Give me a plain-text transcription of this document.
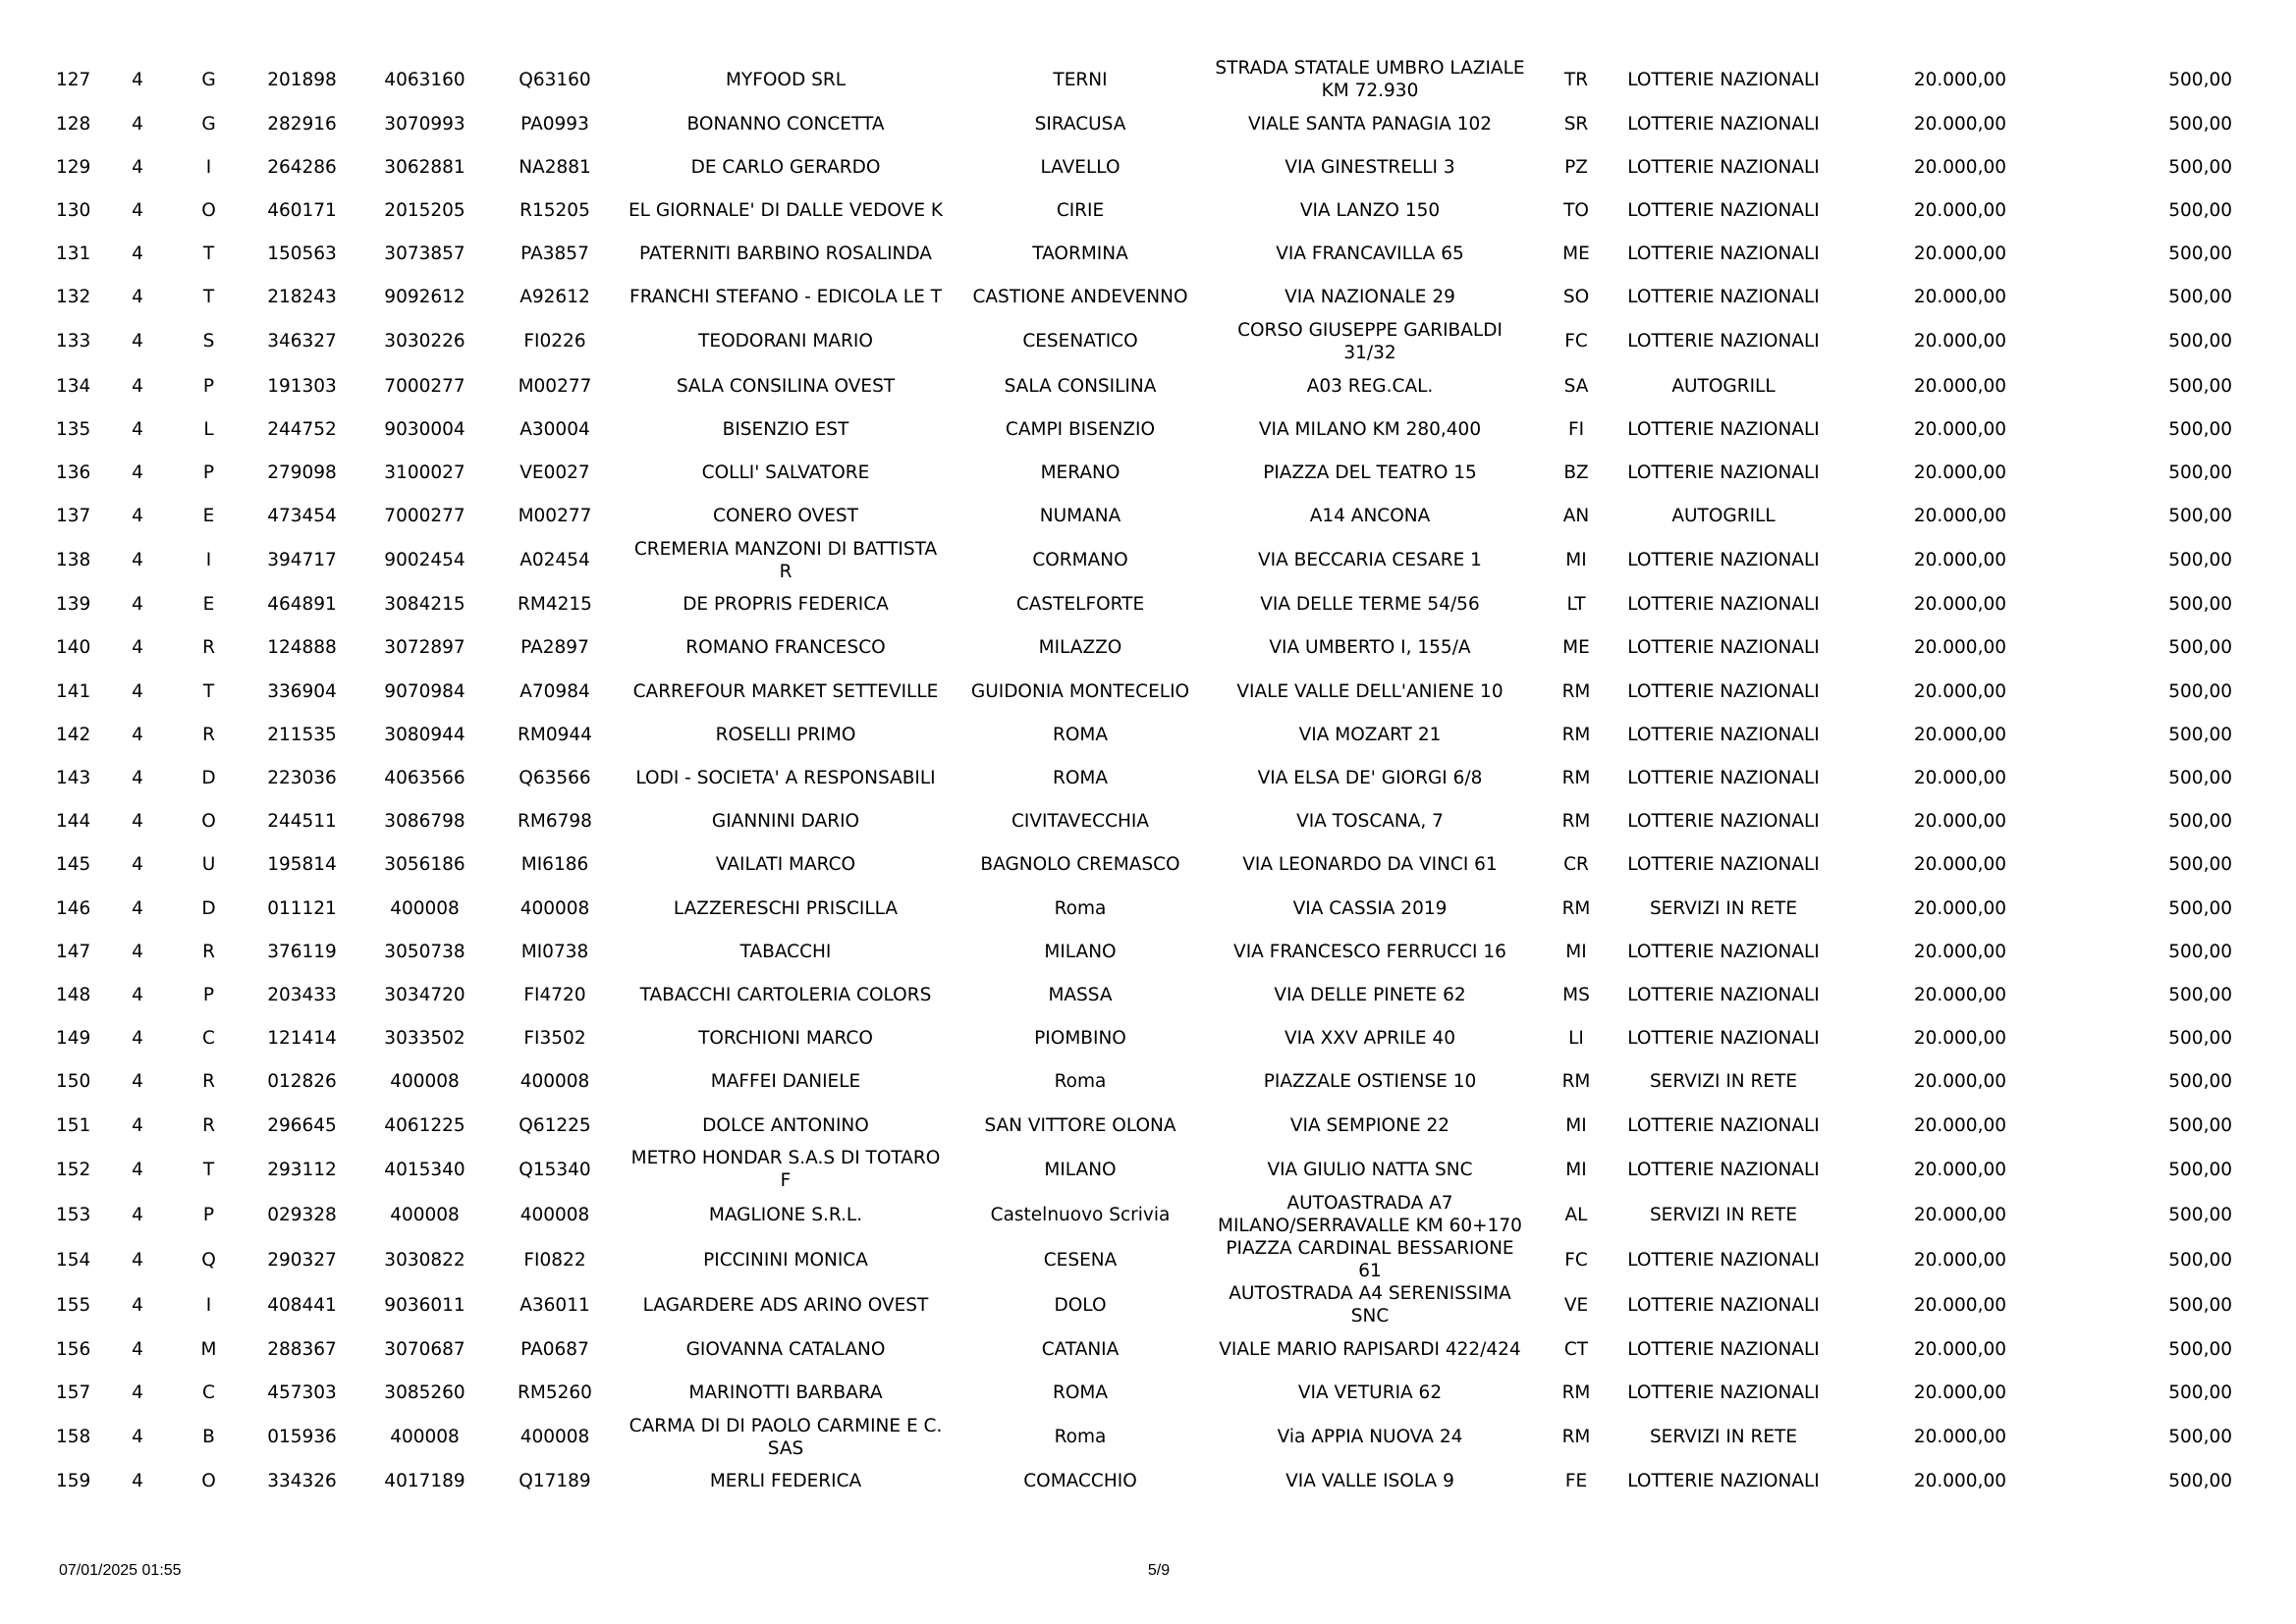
127	4	G	201898	4063160	Q63160	MYFOOD SRL	TERNI	STRADA STATALE UMBRO LAZIALE KM 72.930	TR	LOTTERIE NAZIONALI	20.000,00	500,00
128	4	G	282916	3070993	PA0993	BONANNO CONCETTA	SIRACUSA	VIALE SANTA PANAGIA 102	SR	LOTTERIE NAZIONALI	20.000,00	500,00
129	4	I	264286	3062881	NA2881	DE CARLO GERARDO	LAVELLO	VIA GINESTRELLI 3	PZ	LOTTERIE NAZIONALI	20.000,00	500,00
130	4	O	460171	2015205	R15205	EL GIORNALE' DI DALLE VEDOVE K	CIRIE	VIA LANZO 150	TO	LOTTERIE NAZIONALI	20.000,00	500,00
131	4	T	150563	3073857	PA3857	PATERNITI BARBINO ROSALINDA	TAORMINA	VIA FRANCAVILLA 65	ME	LOTTERIE NAZIONALI	20.000,00	500,00
132	4	T	218243	9092612	A92612	FRANCHI STEFANO - EDICOLA LE T	CASTIONE ANDEVENNO	VIA NAZIONALE 29	SO	LOTTERIE NAZIONALI	20.000,00	500,00
133	4	S	346327	3030226	FI0226	TEODORANI MARIO	CESENATICO	CORSO GIUSEPPE GARIBALDI 31/32	FC	LOTTERIE NAZIONALI	20.000,00	500,00
134	4	P	191303	7000277	M00277	SALA CONSILINA OVEST	SALA CONSILINA	A03 REG.CAL.	SA	AUTOGRILL	20.000,00	500,00
135	4	L	244752	9030004	A30004	BISENZIO EST	CAMPI BISENZIO	VIA MILANO KM 280,400	FI	LOTTERIE NAZIONALI	20.000,00	500,00
136	4	P	279098	3100027	VE0027	COLLI' SALVATORE	MERANO	PIAZZA DEL TEATRO 15	BZ	LOTTERIE NAZIONALI	20.000,00	500,00
137	4	E	473454	7000277	M00277	CONERO OVEST	NUMANA	A14 ANCONA	AN	AUTOGRILL	20.000,00	500,00
138	4	I	394717	9002454	A02454	CREMERIA MANZONI DI BATTISTA R	CORMANO	VIA BECCARIA CESARE 1	MI	LOTTERIE NAZIONALI	20.000,00	500,00
139	4	E	464891	3084215	RM4215	DE PROPRIS FEDERICA	CASTELFORTE	VIA DELLE TERME 54/56	LT	LOTTERIE NAZIONALI	20.000,00	500,00
140	4	R	124888	3072897	PA2897	ROMANO FRANCESCO	MILAZZO	VIA UMBERTO I, 155/A	ME	LOTTERIE NAZIONALI	20.000,00	500,00
141	4	T	336904	9070984	A70984	CARREFOUR MARKET SETTEVILLE	GUIDONIA MONTECELIO	VIALE VALLE DELL'ANIENE 10	RM	LOTTERIE NAZIONALI	20.000,00	500,00
142	4	R	211535	3080944	RM0944	ROSELLI PRIMO	ROMA	VIA MOZART 21	RM	LOTTERIE NAZIONALI	20.000,00	500,00
143	4	D	223036	4063566	Q63566	LODI - SOCIETA' A RESPONSABILI	ROMA	VIA ELSA DE' GIORGI 6/8	RM	LOTTERIE NAZIONALI	20.000,00	500,00
144	4	O	244511	3086798	RM6798	GIANNINI DARIO	CIVITAVECCHIA	VIA TOSCANA, 7	RM	LOTTERIE NAZIONALI	20.000,00	500,00
145	4	U	195814	3056186	MI6186	VAILATI MARCO	BAGNOLO CREMASCO	VIA LEONARDO DA VINCI 61	CR	LOTTERIE NAZIONALI	20.000,00	500,00
146	4	D	011121	400008	400008	LAZZERESCHI PRISCILLA	Roma	VIA CASSIA 2019	RM	SERVIZI IN RETE	20.000,00	500,00
147	4	R	376119	3050738	MI0738	TABACCHI	MILANO	VIA FRANCESCO FERRUCCI 16	MI	LOTTERIE NAZIONALI	20.000,00	500,00
148	4	P	203433	3034720	FI4720	TABACCHI CARTOLERIA COLORS	MASSA	VIA DELLE PINETE 62	MS	LOTTERIE NAZIONALI	20.000,00	500,00
149	4	C	121414	3033502	FI3502	TORCHIONI MARCO	PIOMBINO	VIA XXV APRILE 40	LI	LOTTERIE NAZIONALI	20.000,00	500,00
150	4	R	012826	400008	400008	MAFFEI DANIELE	Roma	PIAZZALE OSTIENSE 10	RM	SERVIZI IN RETE	20.000,00	500,00
151	4	R	296645	4061225	Q61225	DOLCE ANTONINO	SAN VITTORE OLONA	VIA SEMPIONE 22	MI	LOTTERIE NAZIONALI	20.000,00	500,00
152	4	T	293112	4015340	Q15340	METRO HONDAR S.A.S DI TOTARO F	MILANO	VIA GIULIO NATTA SNC	MI	LOTTERIE NAZIONALI	20.000,00	500,00
153	4	P	029328	400008	400008	MAGLIONE S.R.L.	Castelnuovo Scrivia	AUTOASTRADA A7 MILANO/SERRAVALLE KM 60+170	AL	SERVIZI IN RETE	20.000,00	500,00
154	4	Q	290327	3030822	FI0822	PICCININI MONICA	CESENA	PIAZZA CARDINAL BESSARIONE 61	FC	LOTTERIE NAZIONALI	20.000,00	500,00
155	4	I	408441	9036011	A36011	LAGARDERE ADS ARINO OVEST	DOLO	AUTOSTRADA A4 SERENISSIMA SNC	VE	LOTTERIE NAZIONALI	20.000,00	500,00
156	4	M	288367	3070687	PA0687	GIOVANNA CATALANO	CATANIA	VIALE MARIO RAPISARDI 422/424	CT	LOTTERIE NAZIONALI	20.000,00	500,00
157	4	C	457303	3085260	RM5260	MARINOTTI BARBARA	ROMA	VIA VETURIA 62	RM	LOTTERIE NAZIONALI	20.000,00	500,00
158	4	B	015936	400008	400008	CARMA DI DI PAOLO CARMINE E C. SAS	Roma	Via APPIA NUOVA 24	RM	SERVIZI IN RETE	20.000,00	500,00
159	4	O	334326	4017189	Q17189	MERLI FEDERICA	COMACCHIO	VIA VALLE ISOLA 9	FE	LOTTERIE NAZIONALI	20.000,00	500,00
07/01/2025 01:55	5/9
